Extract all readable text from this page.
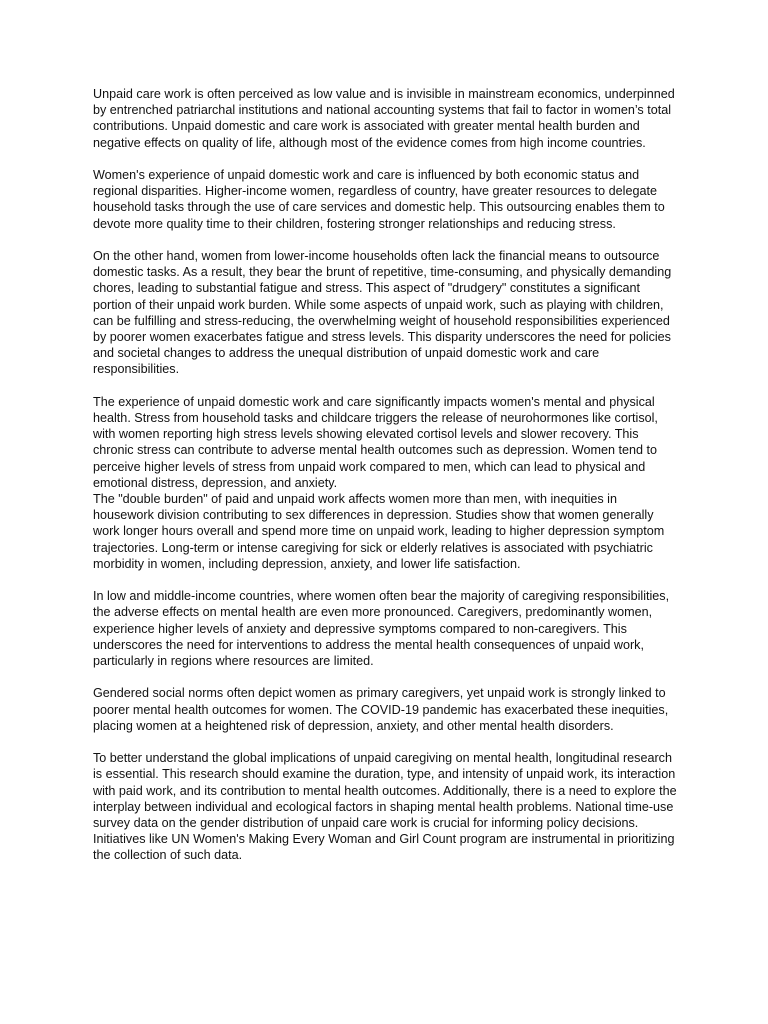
Unpaid care work is often perceived as low value and is invisible in mainstream economics, underpinned by entrenched patriarchal institutions and national accounting systems that fail to factor in women’s total contributions. Unpaid domestic and care work is associated with greater mental health burden and negative effects on quality of life, although most of the evidence comes from high income countries.

Women's experience of unpaid domestic work and care is influenced by both economic status and regional disparities. Higher-income women, regardless of country, have greater resources to delegate household tasks through the use of care services and domestic help. This outsourcing enables them to devote more quality time to their children, fostering stronger relationships and reducing stress.

On the other hand, women from lower-income households often lack the financial means to outsource domestic tasks. As a result, they bear the brunt of repetitive, time-consuming, and physically demanding chores, leading to substantial fatigue and stress. This aspect of "drudgery" constitutes a significant portion of their unpaid work burden. While some aspects of unpaid work, such as playing with children, can be fulfilling and stress-reducing, the overwhelming weight of household responsibilities experienced by poorer women exacerbates fatigue and stress levels. This disparity underscores the need for policies and societal changes to address the unequal distribution of unpaid domestic work and care responsibilities.

The experience of unpaid domestic work and care significantly impacts women's mental and physical health. Stress from household tasks and childcare triggers the release of neurohormones like cortisol, with women reporting high stress levels showing elevated cortisol levels and slower recovery. This chronic stress can contribute to adverse mental health outcomes such as depression. Women tend to perceive higher levels of stress from unpaid work compared to men, which can lead to physical and emotional distress, depression, and anxiety.

The "double burden" of paid and unpaid work affects women more than men, with inequities in housework division contributing to sex differences in depression. Studies show that women generally work longer hours overall and spend more time on unpaid work, leading to higher depression symptom trajectories. Long-term or intense caregiving for sick or elderly relatives is associated with psychiatric morbidity in women, including depression, anxiety, and lower life satisfaction.

In low and middle-income countries, where women often bear the majority of caregiving responsibilities, the adverse effects on mental health are even more pronounced. Caregivers, predominantly women, experience higher levels of anxiety and depressive symptoms compared to non-caregivers. This underscores the need for interventions to address the mental health consequences of unpaid work, particularly in regions where resources are limited.

Gendered social norms often depict women as primary caregivers, yet unpaid work is strongly linked to poorer mental health outcomes for women. The COVID-19 pandemic has exacerbated these inequities, placing women at a heightened risk of depression, anxiety, and other mental health disorders.

To better understand the global implications of unpaid caregiving on mental health, longitudinal research is essential. This research should examine the duration, type, and intensity of unpaid work, its interaction with paid work, and its contribution to mental health outcomes. Additionally, there is a need to explore the interplay between individual and ecological factors in shaping mental health problems. National time-use survey data on the gender distribution of unpaid care work is crucial for informing policy decisions. Initiatives like UN Women's Making Every Woman and Girl Count program are instrumental in prioritizing the collection of such data.
